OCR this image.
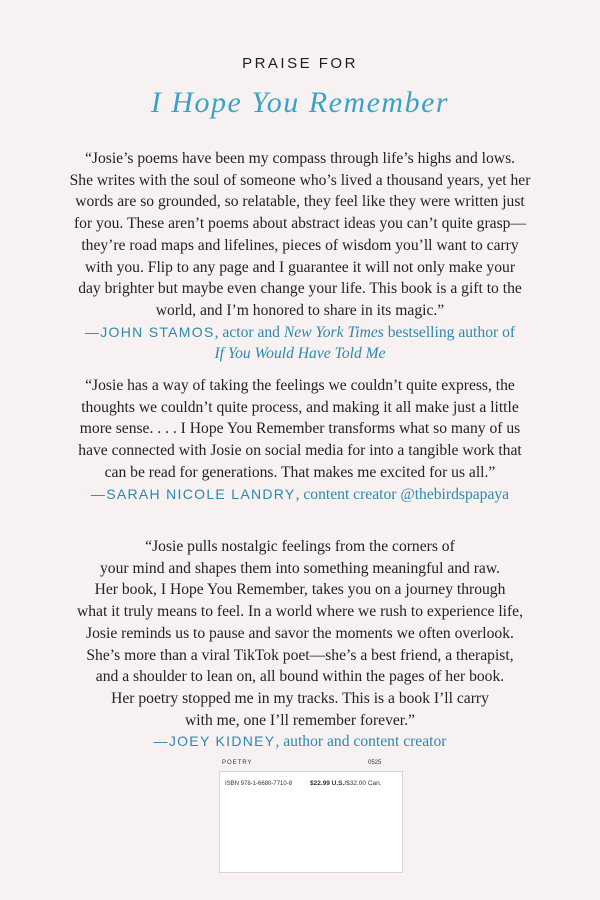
PRAISE FOR
I Hope You Remember

“Josie’s poems have been my compass through life’s highs and lows.
She writes with the soul of someone who’s lived a thousand years, yet her
words are so grounded, so relatable, they feel like they were written just
for you. These aren’t poems about abstract ideas you can’t quite grasp—
they’re road maps and lifelines, pieces of wisdom you’ll want to carry
with you. Flip to any page and I guarantee it will not only make your
day brighter but maybe even change your life. This book is a gift to the
world, and I’m honored to share in its magic.”

—JOHN STAMOS, actor and New York Times bestselling author of
If You Would Have Told Me

“Josie has a way of taking the feelings we couldn’t quite express, the
thoughts we couldn’t quite process, and making it all make just a little
more sense. . . . I Hope You Remember transforms what so many of us
have connected with Josie on social media for into a tangible work that
can be read for generations. That makes me excited for us all.”

—SARAH NICOLE LANDRY, content creator @thebirdspapaya

“Josie pulls nostalgic feelings from the corners of
your mind and shapes them into something meaningful and raw.
Her book, I Hope You Remember, takes you on a journey through
what it truly means to feel. In a world where we rush to experience life,
Josie reminds us to pause and savor the moments we often overlook.
She’s more than a viral TikTok poet—she’s a best friend, a therapist,
and a shoulder to lean on, all bound within the pages of her book.
Her poetry stopped me in my tracks. This is a book I’ll carry
with me, one I’ll remember forever.”

—JOEY KIDNEY, author and content creator
POETRY	0525
ISBN 978-1-6680-7710-8	$22.99 U.S./$32.00 Can.
